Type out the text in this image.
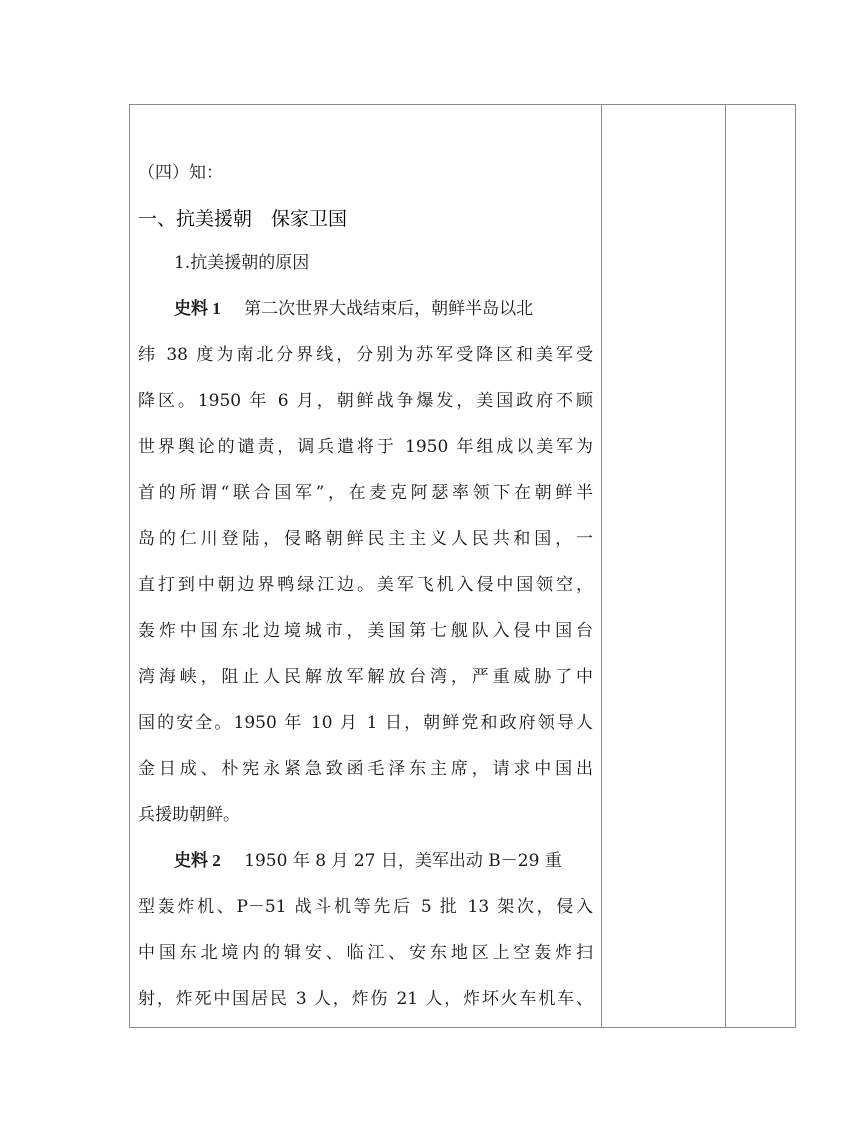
（四）知：
一、抗美援朝　保家卫国
1.抗美援朝的原因
史料 1 第二次世界大战结束后，朝鲜半岛以北
纬 38 度为南北分界线，分别为苏军受降区和美军受
降区。1950 年 6 月，朝鲜战争爆发，美国政府不顾
世界舆论的谴责，调兵遣将于 1950 年组成以美军为
首的所谓“联合国军”，在麦克阿瑟率领下在朝鲜半
岛的仁川登陆，侵略朝鲜民主主义人民共和国，一
直打到中朝边界鸭绿江边。美军飞机入侵中国领空，
轰炸中国东北边境城市，美国第七舰队入侵中国台
湾海峡，阻止人民解放军解放台湾，严重威胁了中
国的安全。1950 年 10 月 1 日，朝鲜党和政府领导人
金日成、朴宪永紧急致函毛泽东主席，请求中国出
兵援助朝鲜。
史料 2 1950 年 8 月 27 日，美军出动 B－29 重
型轰炸机、P－51 战斗机等先后 5 批 13 架次，侵入
中国东北境内的辑安、临江、安东地区上空轰炸扫
射，炸死中国居民 3 人，炸伤 21 人，炸坏火车机车、
